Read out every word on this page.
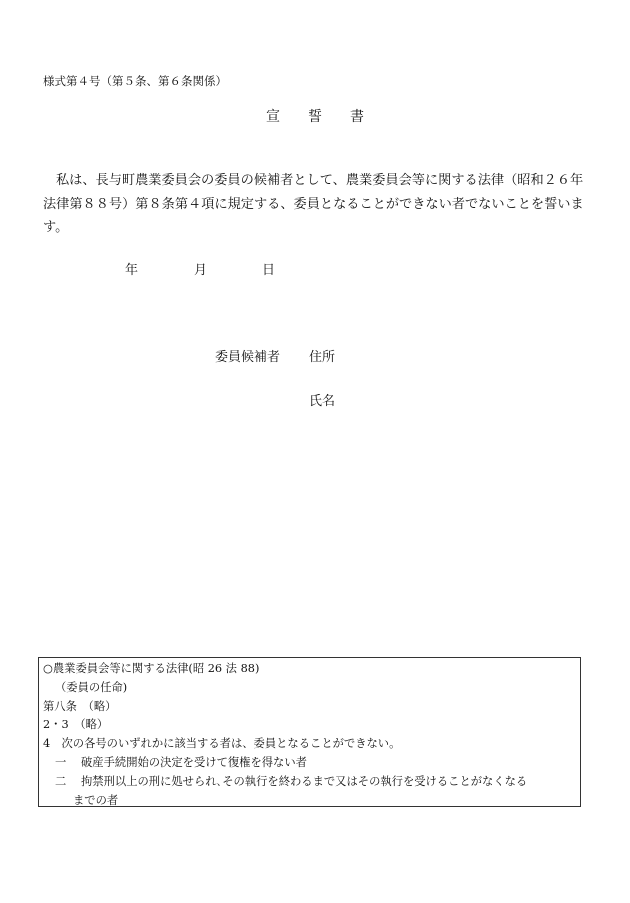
様式第４号（第５条、第６条関係）
宣　　誓　　書
私は、長与町農業委員会の委員の候補者として、農業委員会等に関する法律（昭和２６年法律第８８号）第８条第４項に規定する、委員となることができない者でないことを誓います。
年	月	日
委員候補者 住所
氏名
○農業委員会等に関する法律(昭 26 法 88)
（委員の任命)
第八条　（略）
2・3　（略）
4　次の各号のいずれかに該当する者は、委員となることができない。
一 破産手続開始の決定を受けて復権を得ない者
二 拘禁刑以上の刑に処せられ､その執行を終わるまで又はその執行を受けることがなくなる
までの者
